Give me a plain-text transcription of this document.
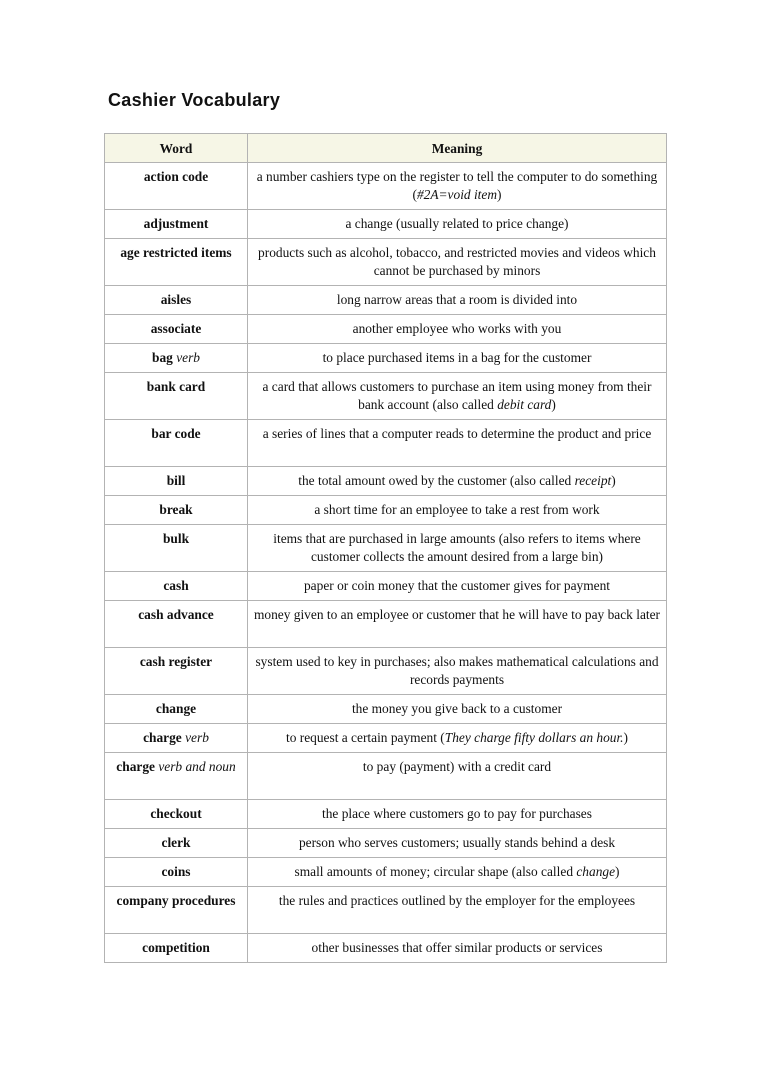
Cashier Vocabulary
Word	Meaning
action code	a number cashiers type on the register to tell the computer to do something (#2A=void item)
adjustment	a change (usually related to price change)
age restricted items	products such as alcohol, tobacco, and restricted movies and videos which cannot be purchased by minors
aisles	long narrow areas that a room is divided into
associate	another employee who works with you
bag verb	to place purchased items in a bag for the customer
bank card	a card that allows customers to purchase an item using money from their bank account (also called debit card)
bar code	a series of lines that a computer reads to determine the product and price
bill	the total amount owed by the customer (also called receipt)
break	a short time for an employee to take a rest from work
bulk	items that are purchased in large amounts (also refers to items where customer collects the amount desired from a large bin)
cash	paper or coin money that the customer gives for payment
cash advance	money given to an employee or customer that he will have to pay back later
cash register	system used to key in purchases; also makes mathematical calculations and records payments
change	the money you give back to a customer
charge verb	to request a certain payment (They charge fifty dollars an hour.)
charge verb and noun	to pay (payment) with a credit card
checkout	the place where customers go to pay for purchases
clerk	person who serves customers; usually stands behind a desk
coins	small amounts of money; circular shape (also called change)
company procedures	the rules and practices outlined by the employer for the employees
competition	other businesses that offer similar products or services
